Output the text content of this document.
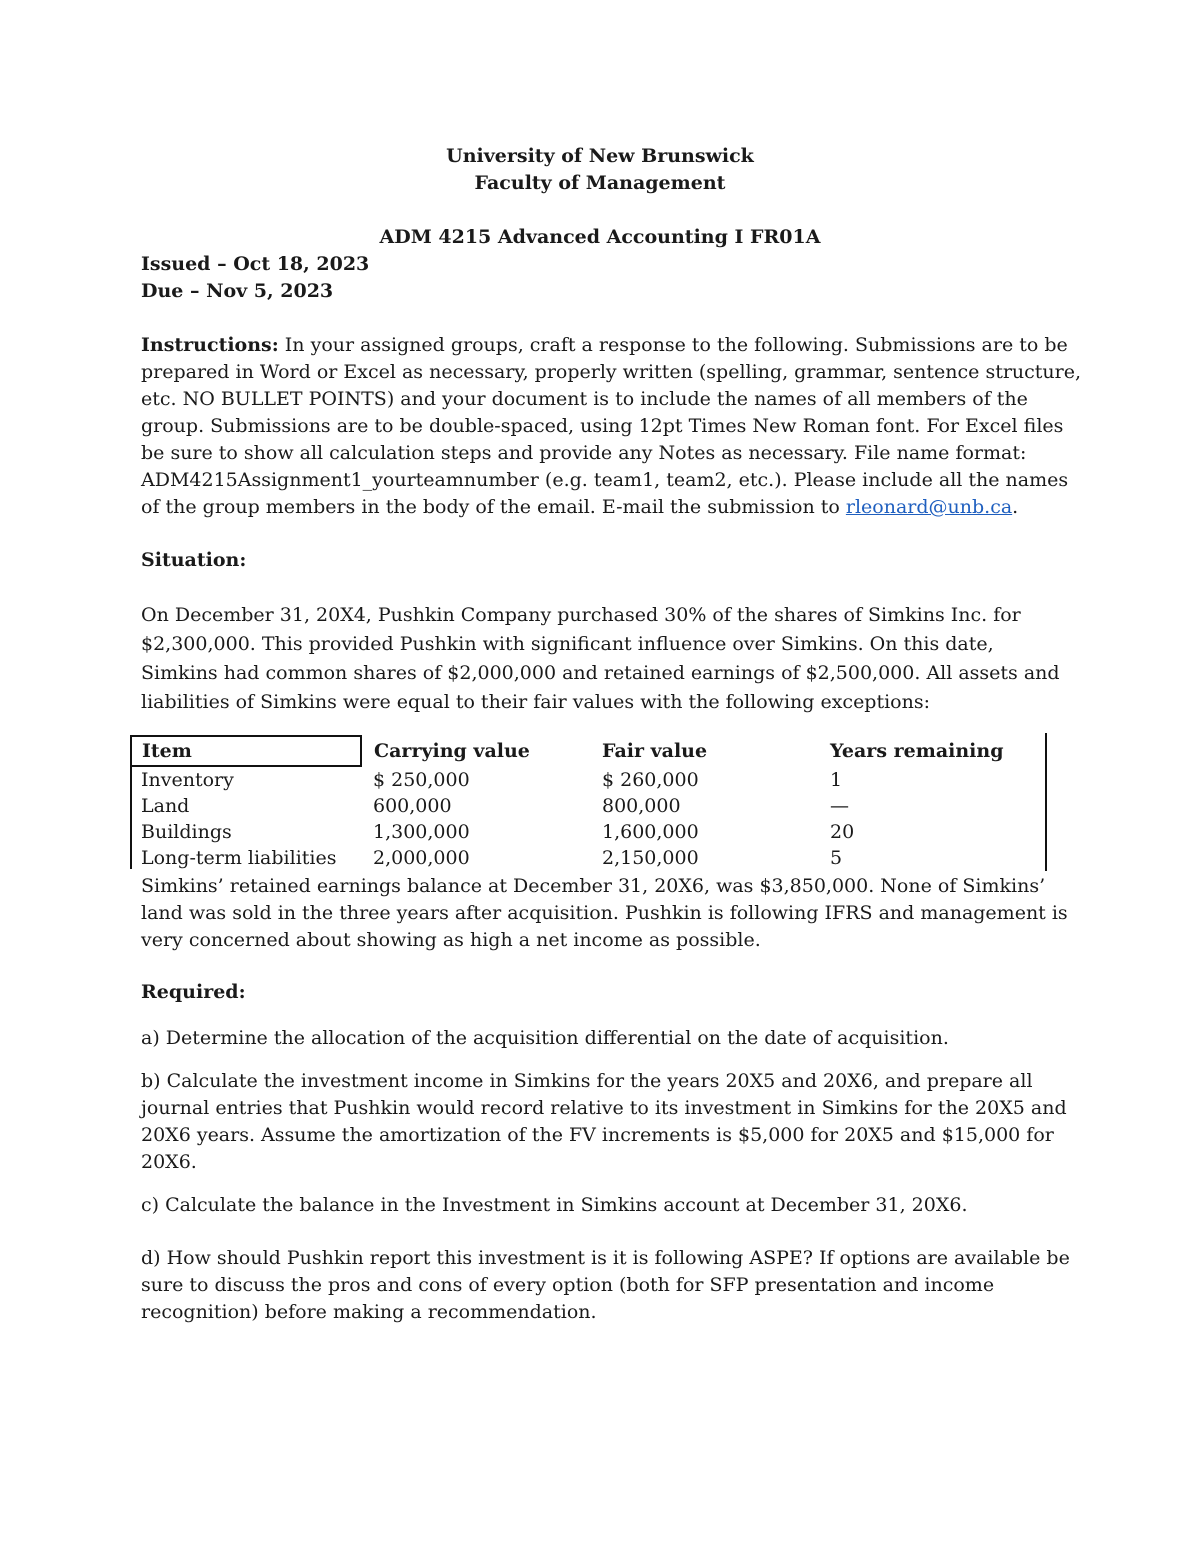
University of New Brunswick
Faculty of Management
ADM 4215 Advanced Accounting I FR01A
Issued – Oct 18, 2023
Due – Nov 5, 2023
Instructions: In your assigned groups, craft a response to the following. Submissions are to be
prepared in Word or Excel as necessary, properly written (spelling, grammar, sentence structure,
etc. NO BULLET POINTS) and your document is to include the names of all members of the
group. Submissions are to be double-spaced, using 12pt Times New Roman font. For Excel files
be sure to show all calculation steps and provide any Notes as necessary. File name format:
ADM4215Assignment1_yourteamnumber (e.g. team1, team2, etc.). Please include all the names
of the group members in the body of the email. E-mail the submission to rleonard@unb.ca.
Situation:
On December 31, 20X4, Pushkin Company purchased 30% of the shares of Simkins Inc. for
$2,300,000. This provided Pushkin with significant influence over Simkins. On this date,
Simkins had common shares of $2,000,000 and retained earnings of $2,500,000. All assets and
liabilities of Simkins were equal to their fair values with the following exceptions:
Item	Carrying value	Fair value	Years remaining
Inventory	$ 250,000	$ 260,000	1
Land	600,000	800,000	—
Buildings	1,300,000	1,600,000	20
Long-term liabilities	2,000,000	2,150,000	5
Simkins’ retained earnings balance at December 31, 20X6, was $3,850,000. None of Simkins’
land was sold in the three years after acquisition. Pushkin is following IFRS and management is
very concerned about showing as high a net income as possible.
Required:
a) Determine the allocation of the acquisition differential on the date of acquisition.
b) Calculate the investment income in Simkins for the years 20X5 and 20X6, and prepare all
journal entries that Pushkin would record relative to its investment in Simkins for the 20X5 and
20X6 years. Assume the amortization of the FV increments is $5,000 for 20X5 and $15,000 for
20X6.
c) Calculate the balance in the Investment in Simkins account at December 31, 20X6.
d) How should Pushkin report this investment is it is following ASPE? If options are available be
sure to discuss the pros and cons of every option (both for SFP presentation and income
recognition) before making a recommendation.
